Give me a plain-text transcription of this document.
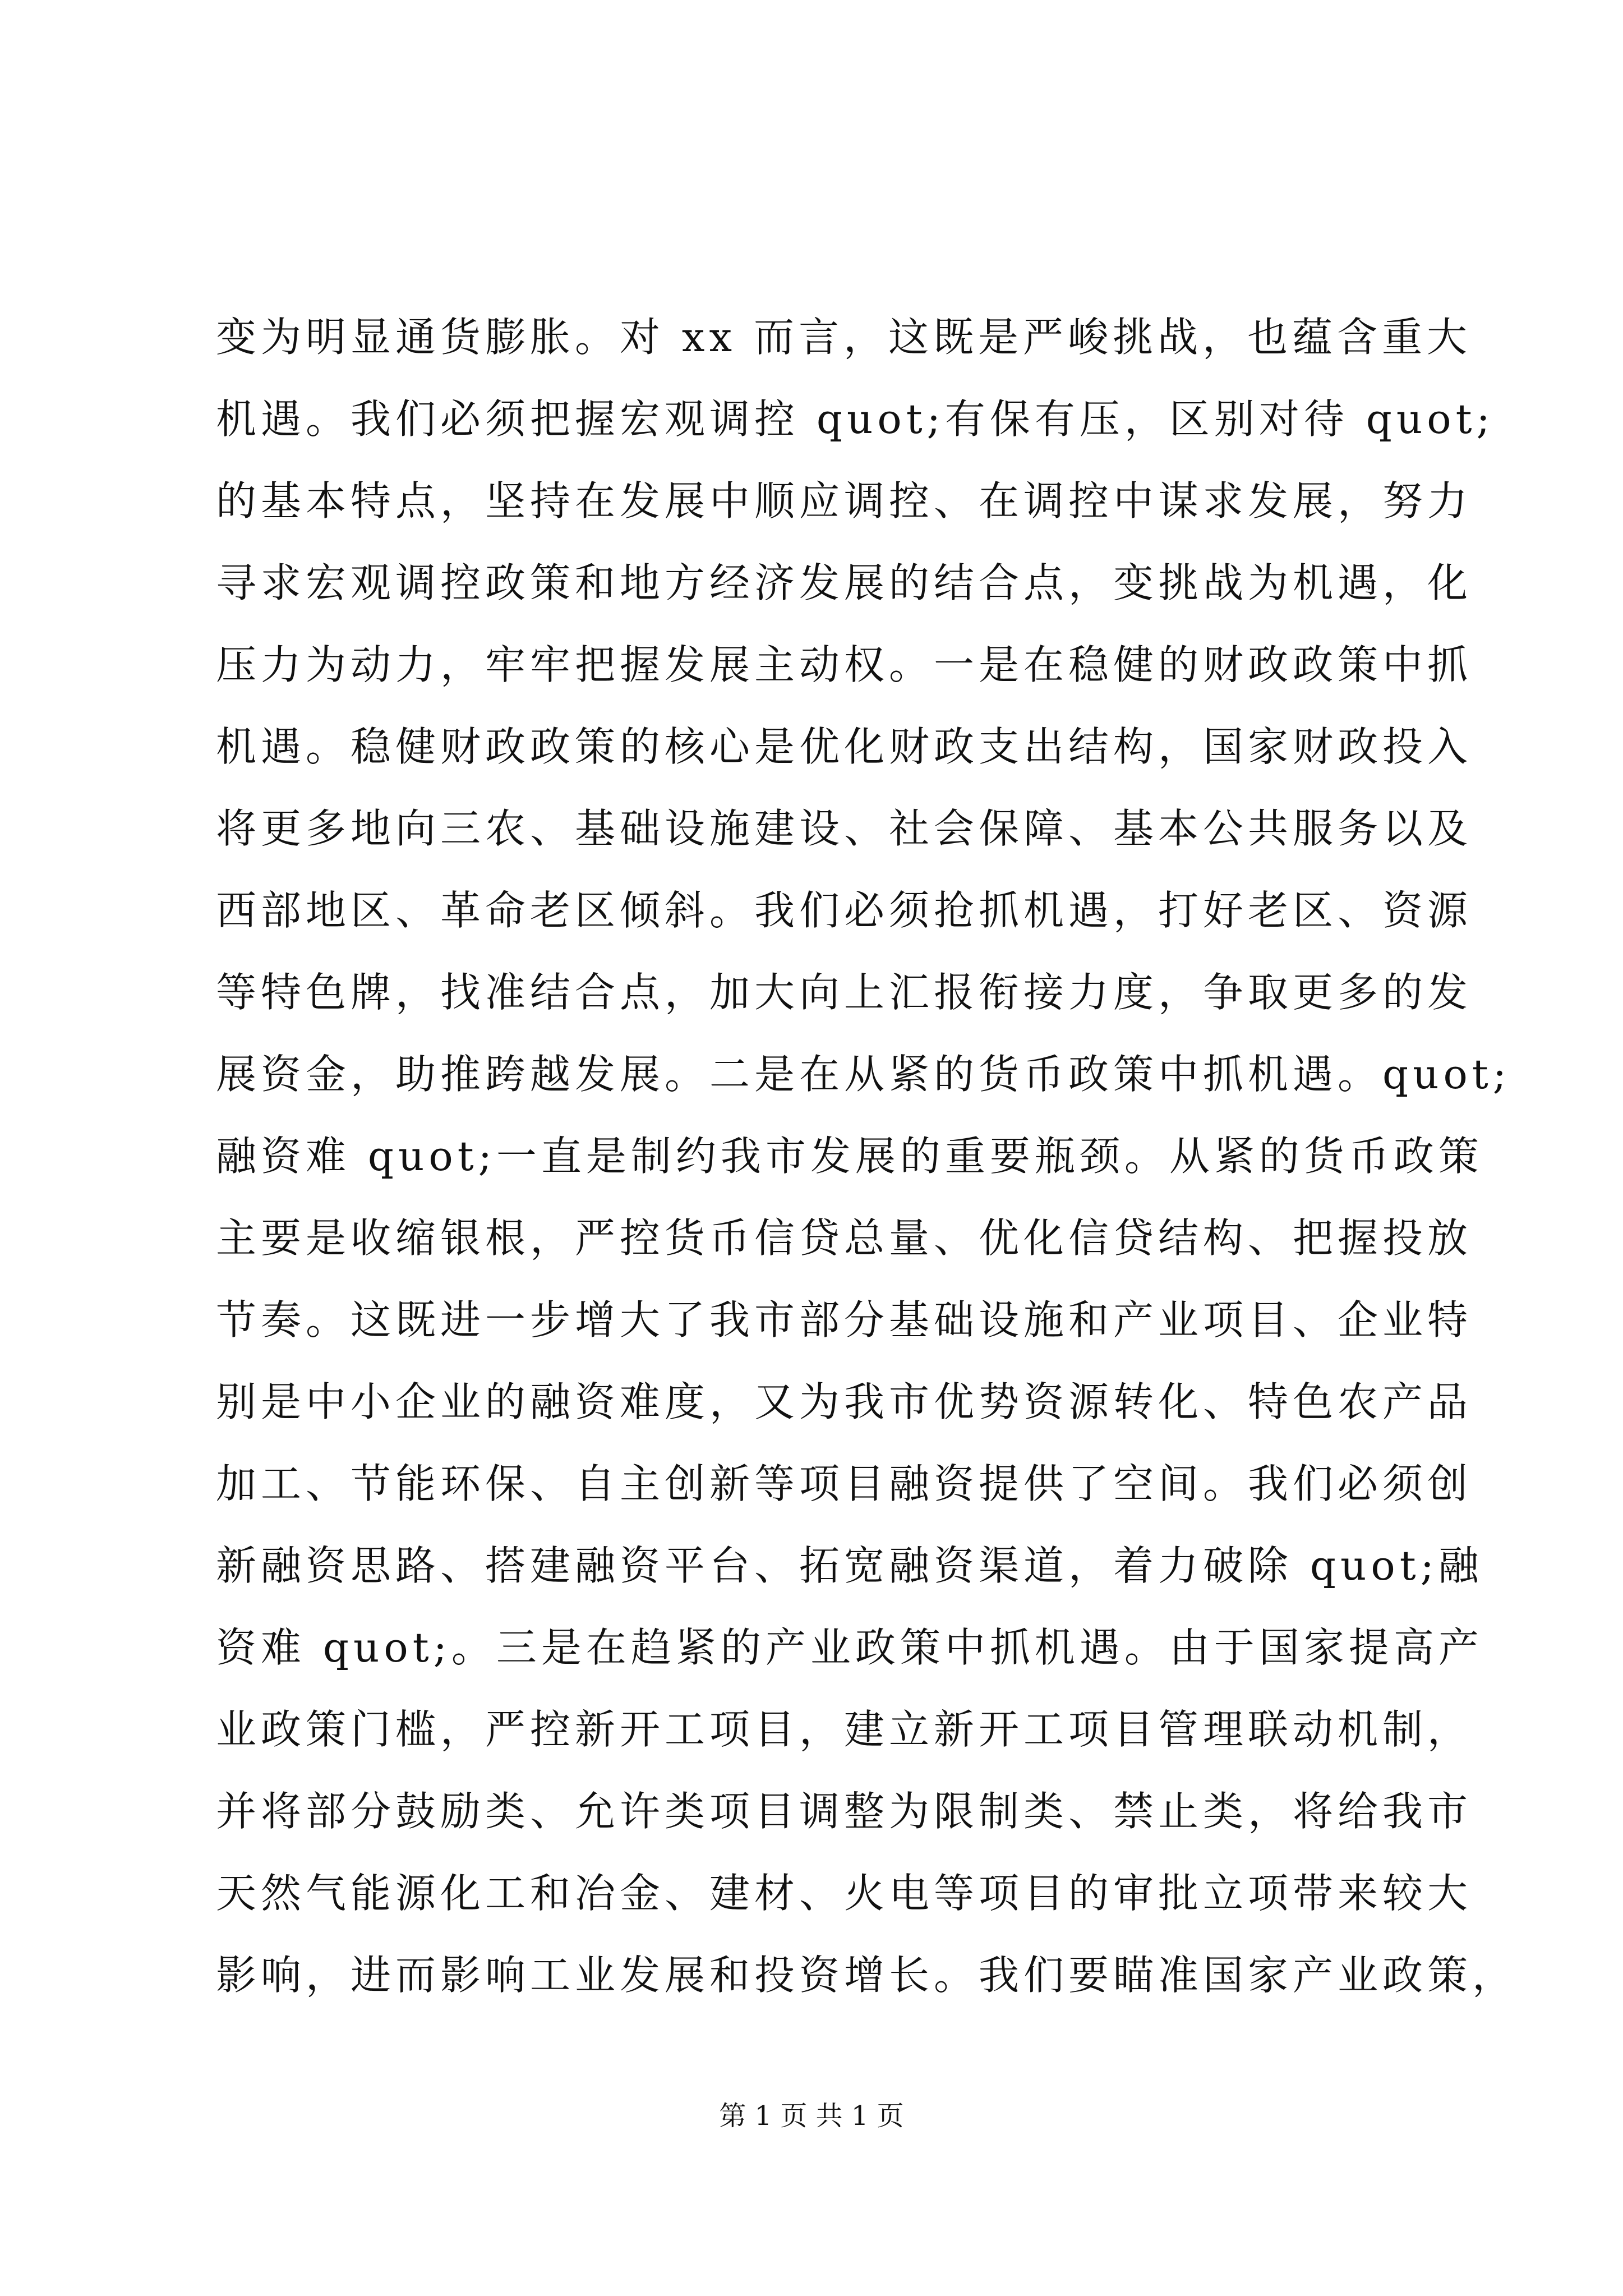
变为明显通货膨胀。对 xx 而言，这既是严峻挑战，也蕴含重大
机遇。我们必须把握宏观调控 quot;有保有压，区别对待 quot;
的基本特点，坚持在发展中顺应调控、在调控中谋求发展，努力
寻求宏观调控政策和地方经济发展的结合点，变挑战为机遇，化
压力为动力，牢牢把握发展主动权。一是在稳健的财政政策中抓
机遇。稳健财政政策的核心是优化财政支出结构，国家财政投入
将更多地向三农、基础设施建设、社会保障、基本公共服务以及
西部地区、革命老区倾斜。我们必须抢抓机遇，打好老区、资源
等特色牌，找准结合点，加大向上汇报衔接力度，争取更多的发
展资金，助推跨越发展。二是在从紧的货币政策中抓机遇。quot;
融资难 quot;一直是制约我市发展的重要瓶颈。从紧的货币政策
主要是收缩银根，严控货币信贷总量、优化信贷结构、把握投放
节奏。这既进一步增大了我市部分基础设施和产业项目、企业特
别是中小企业的融资难度，又为我市优势资源转化、特色农产品
加工、节能环保、自主创新等项目融资提供了空间。我们必须创
新融资思路、搭建融资平台、拓宽融资渠道，着力破除 quot;融
资难 quot;。三是在趋紧的产业政策中抓机遇。由于国家提高产
业政策门槛，严控新开工项目，建立新开工项目管理联动机制，
并将部分鼓励类、允许类项目调整为限制类、禁止类，将给我市
天然气能源化工和冶金、建材、火电等项目的审批立项带来较大
影响，进而影响工业发展和投资增长。我们要瞄准国家产业政策，
第 1 页 共 1 页
